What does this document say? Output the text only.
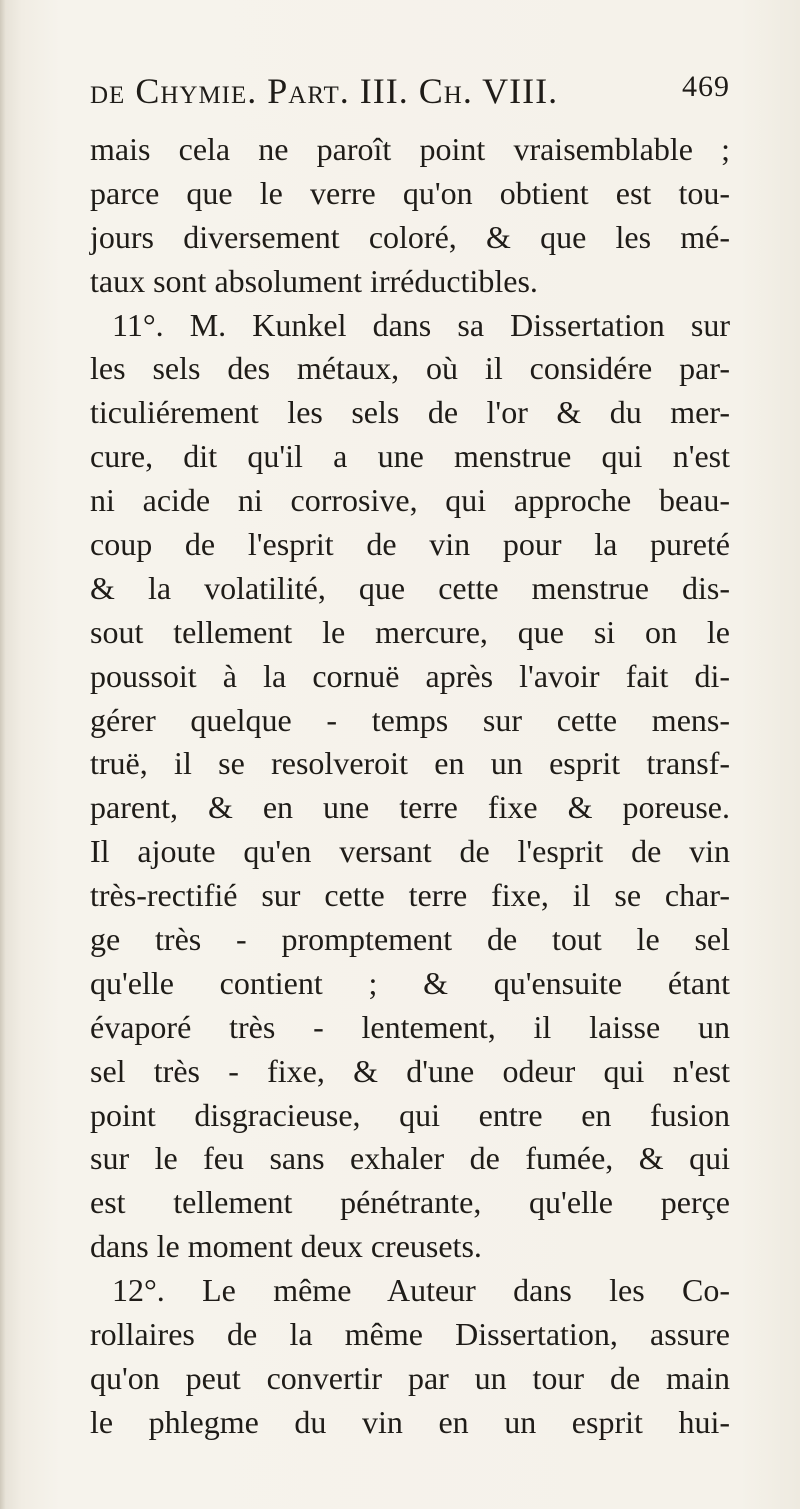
de Chymie. Part. III. Ch. VIII.	469
mais cela ne paroît point vraisemblable ;
parce que le verre qu'on obtient est tou-
jours diversement coloré, & que les mé-
taux sont absolument irréductibles.
11°. M. Kunkel dans sa Dissertation sur
les sels des métaux, où il considére par-
ticuliérement les sels de l'or & du mer-
cure, dit qu'il a une menstrue qui n'est
ni acide ni corrosive, qui approche beau-
coup de l'esprit de vin pour la pureté
& la volatilité, que cette menstrue dis-
sout tellement le mercure, que si on le
poussoit à la cornuë après l'avoir fait di-
gérer quelque - temps sur cette mens-
truë, il se resolveroit en un esprit transf-
parent, & en une terre fixe & poreuse.
Il ajoute qu'en versant de l'esprit de vin
très-rectifié sur cette terre fixe, il se char-
ge très - promptement de tout le sel
qu'elle contient ; & qu'ensuite étant
évaporé très - lentement, il laisse un
sel très - fixe, & d'une odeur qui n'est
point disgracieuse, qui entre en fusion
sur le feu sans exhaler de fumée, & qui
est tellement pénétrante, qu'elle perçe
dans le moment deux creusets.
12°. Le même Auteur dans les Co-
rollaires de la même Dissertation, assure
qu'on peut convertir par un tour de main
le phlegme du vin en un esprit hui-
